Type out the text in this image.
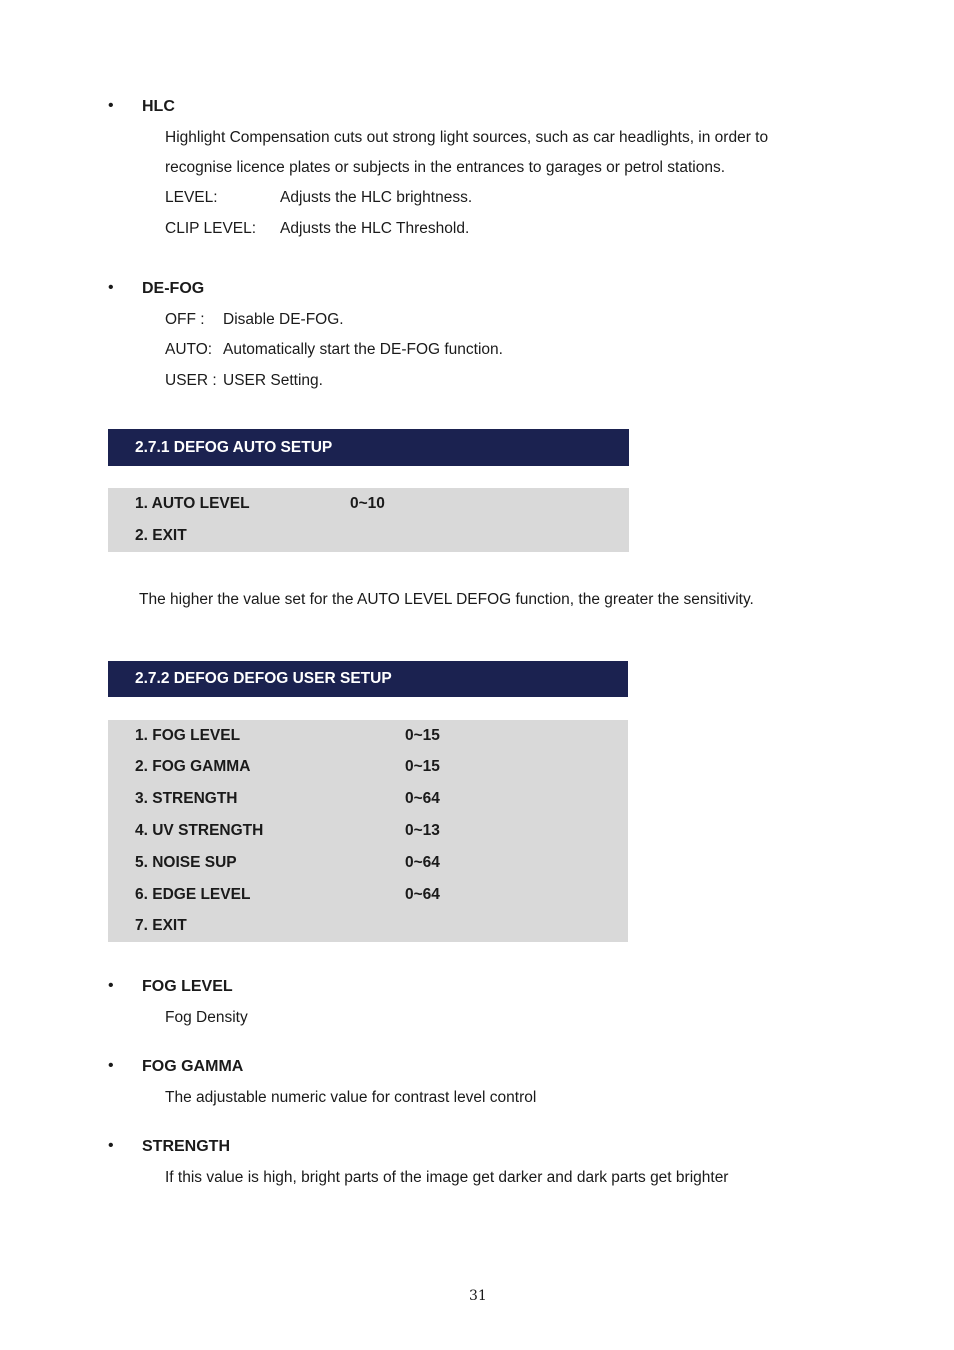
• HLC
Highlight Compensation cuts out strong light sources, such as car headlights, in order to
recognise licence plates or subjects in the entrances to garages or petrol stations.
LEVEL:	Adjusts the HLC brightness.
CLIP LEVEL: Adjusts the HLC Threshold.
• DE-FOG
OFF : Disable DE-FOG.
AUTO: Automatically start the DE-FOG function.
USER : USER Setting.
2.7.1 DEFOG AUTO SETUP
1. AUTO LEVEL	0~10
2. EXIT
The higher the value set for the AUTO LEVEL DEFOG function, the greater the sensitivity.
2.7.2 DEFOG DEFOG USER SETUP
1. FOG LEVEL	0~15
2. FOG GAMMA	0~15
3. STRENGTH	0~64
4. UV STRENGTH	0~13
5. NOISE SUP	0~64
6. EDGE LEVEL	0~64
7. EXIT
• FOG LEVEL
Fog Density
• FOG GAMMA
The adjustable numeric value for contrast level control
• STRENGTH
If this value is high, bright parts of the image get darker and dark parts get brighter
31
